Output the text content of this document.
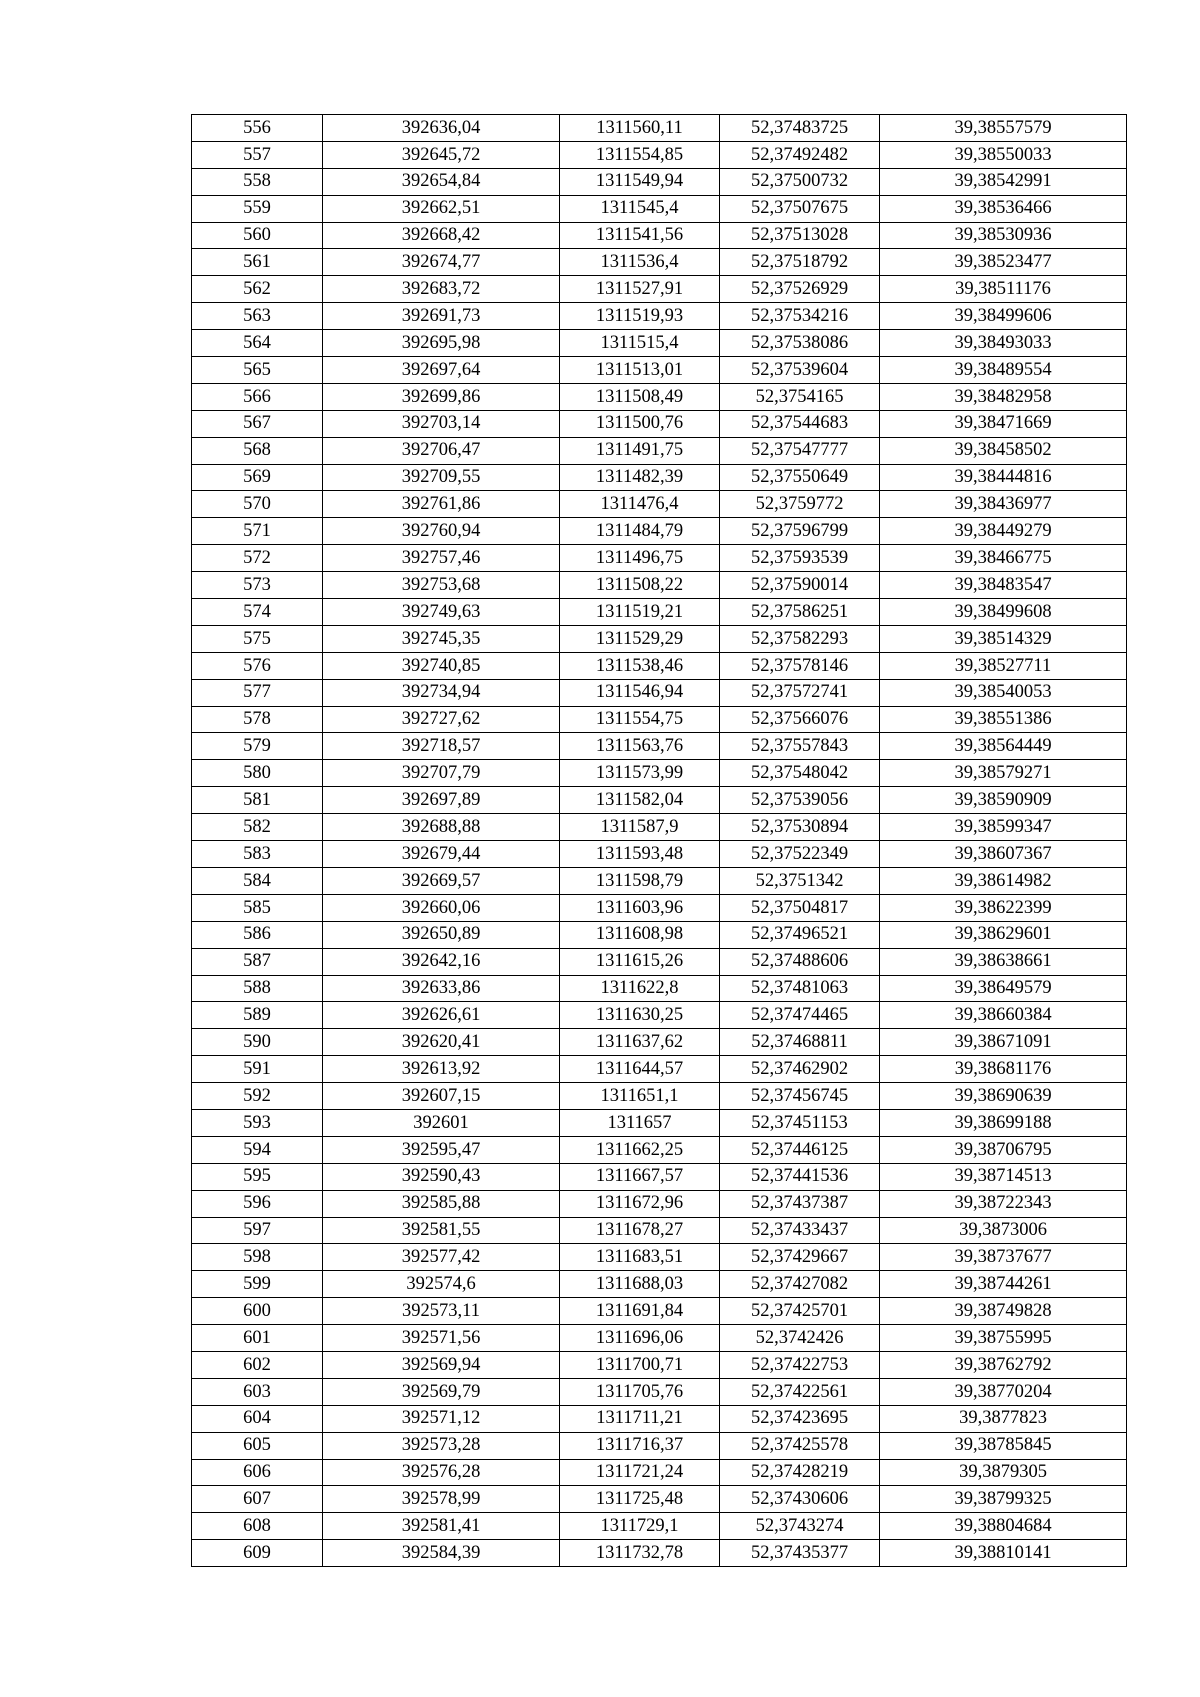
556	392636,04	1311560,11	52,37483725	39,38557579
557	392645,72	1311554,85	52,37492482	39,38550033
558	392654,84	1311549,94	52,37500732	39,38542991
559	392662,51	1311545,4	52,37507675	39,38536466
560	392668,42	1311541,56	52,37513028	39,38530936
561	392674,77	1311536,4	52,37518792	39,38523477
562	392683,72	1311527,91	52,37526929	39,38511176
563	392691,73	1311519,93	52,37534216	39,38499606
564	392695,98	1311515,4	52,37538086	39,38493033
565	392697,64	1311513,01	52,37539604	39,38489554
566	392699,86	1311508,49	52,3754165	39,38482958
567	392703,14	1311500,76	52,37544683	39,38471669
568	392706,47	1311491,75	52,37547777	39,38458502
569	392709,55	1311482,39	52,37550649	39,38444816
570	392761,86	1311476,4	52,3759772	39,38436977
571	392760,94	1311484,79	52,37596799	39,38449279
572	392757,46	1311496,75	52,37593539	39,38466775
573	392753,68	1311508,22	52,37590014	39,38483547
574	392749,63	1311519,21	52,37586251	39,38499608
575	392745,35	1311529,29	52,37582293	39,38514329
576	392740,85	1311538,46	52,37578146	39,38527711
577	392734,94	1311546,94	52,37572741	39,38540053
578	392727,62	1311554,75	52,37566076	39,38551386
579	392718,57	1311563,76	52,37557843	39,38564449
580	392707,79	1311573,99	52,37548042	39,38579271
581	392697,89	1311582,04	52,37539056	39,38590909
582	392688,88	1311587,9	52,37530894	39,38599347
583	392679,44	1311593,48	52,37522349	39,38607367
584	392669,57	1311598,79	52,3751342	39,38614982
585	392660,06	1311603,96	52,37504817	39,38622399
586	392650,89	1311608,98	52,37496521	39,38629601
587	392642,16	1311615,26	52,37488606	39,38638661
588	392633,86	1311622,8	52,37481063	39,38649579
589	392626,61	1311630,25	52,37474465	39,38660384
590	392620,41	1311637,62	52,37468811	39,38671091
591	392613,92	1311644,57	52,37462902	39,38681176
592	392607,15	1311651,1	52,37456745	39,38690639
593	392601	1311657	52,37451153	39,38699188
594	392595,47	1311662,25	52,37446125	39,38706795
595	392590,43	1311667,57	52,37441536	39,38714513
596	392585,88	1311672,96	52,37437387	39,38722343
597	392581,55	1311678,27	52,37433437	39,3873006
598	392577,42	1311683,51	52,37429667	39,38737677
599	392574,6	1311688,03	52,37427082	39,38744261
600	392573,11	1311691,84	52,37425701	39,38749828
601	392571,56	1311696,06	52,3742426	39,38755995
602	392569,94	1311700,71	52,37422753	39,38762792
603	392569,79	1311705,76	52,37422561	39,38770204
604	392571,12	1311711,21	52,37423695	39,3877823
605	392573,28	1311716,37	52,37425578	39,38785845
606	392576,28	1311721,24	52,37428219	39,3879305
607	392578,99	1311725,48	52,37430606	39,38799325
608	392581,41	1311729,1	52,3743274	39,38804684
609	392584,39	1311732,78	52,37435377	39,38810141
